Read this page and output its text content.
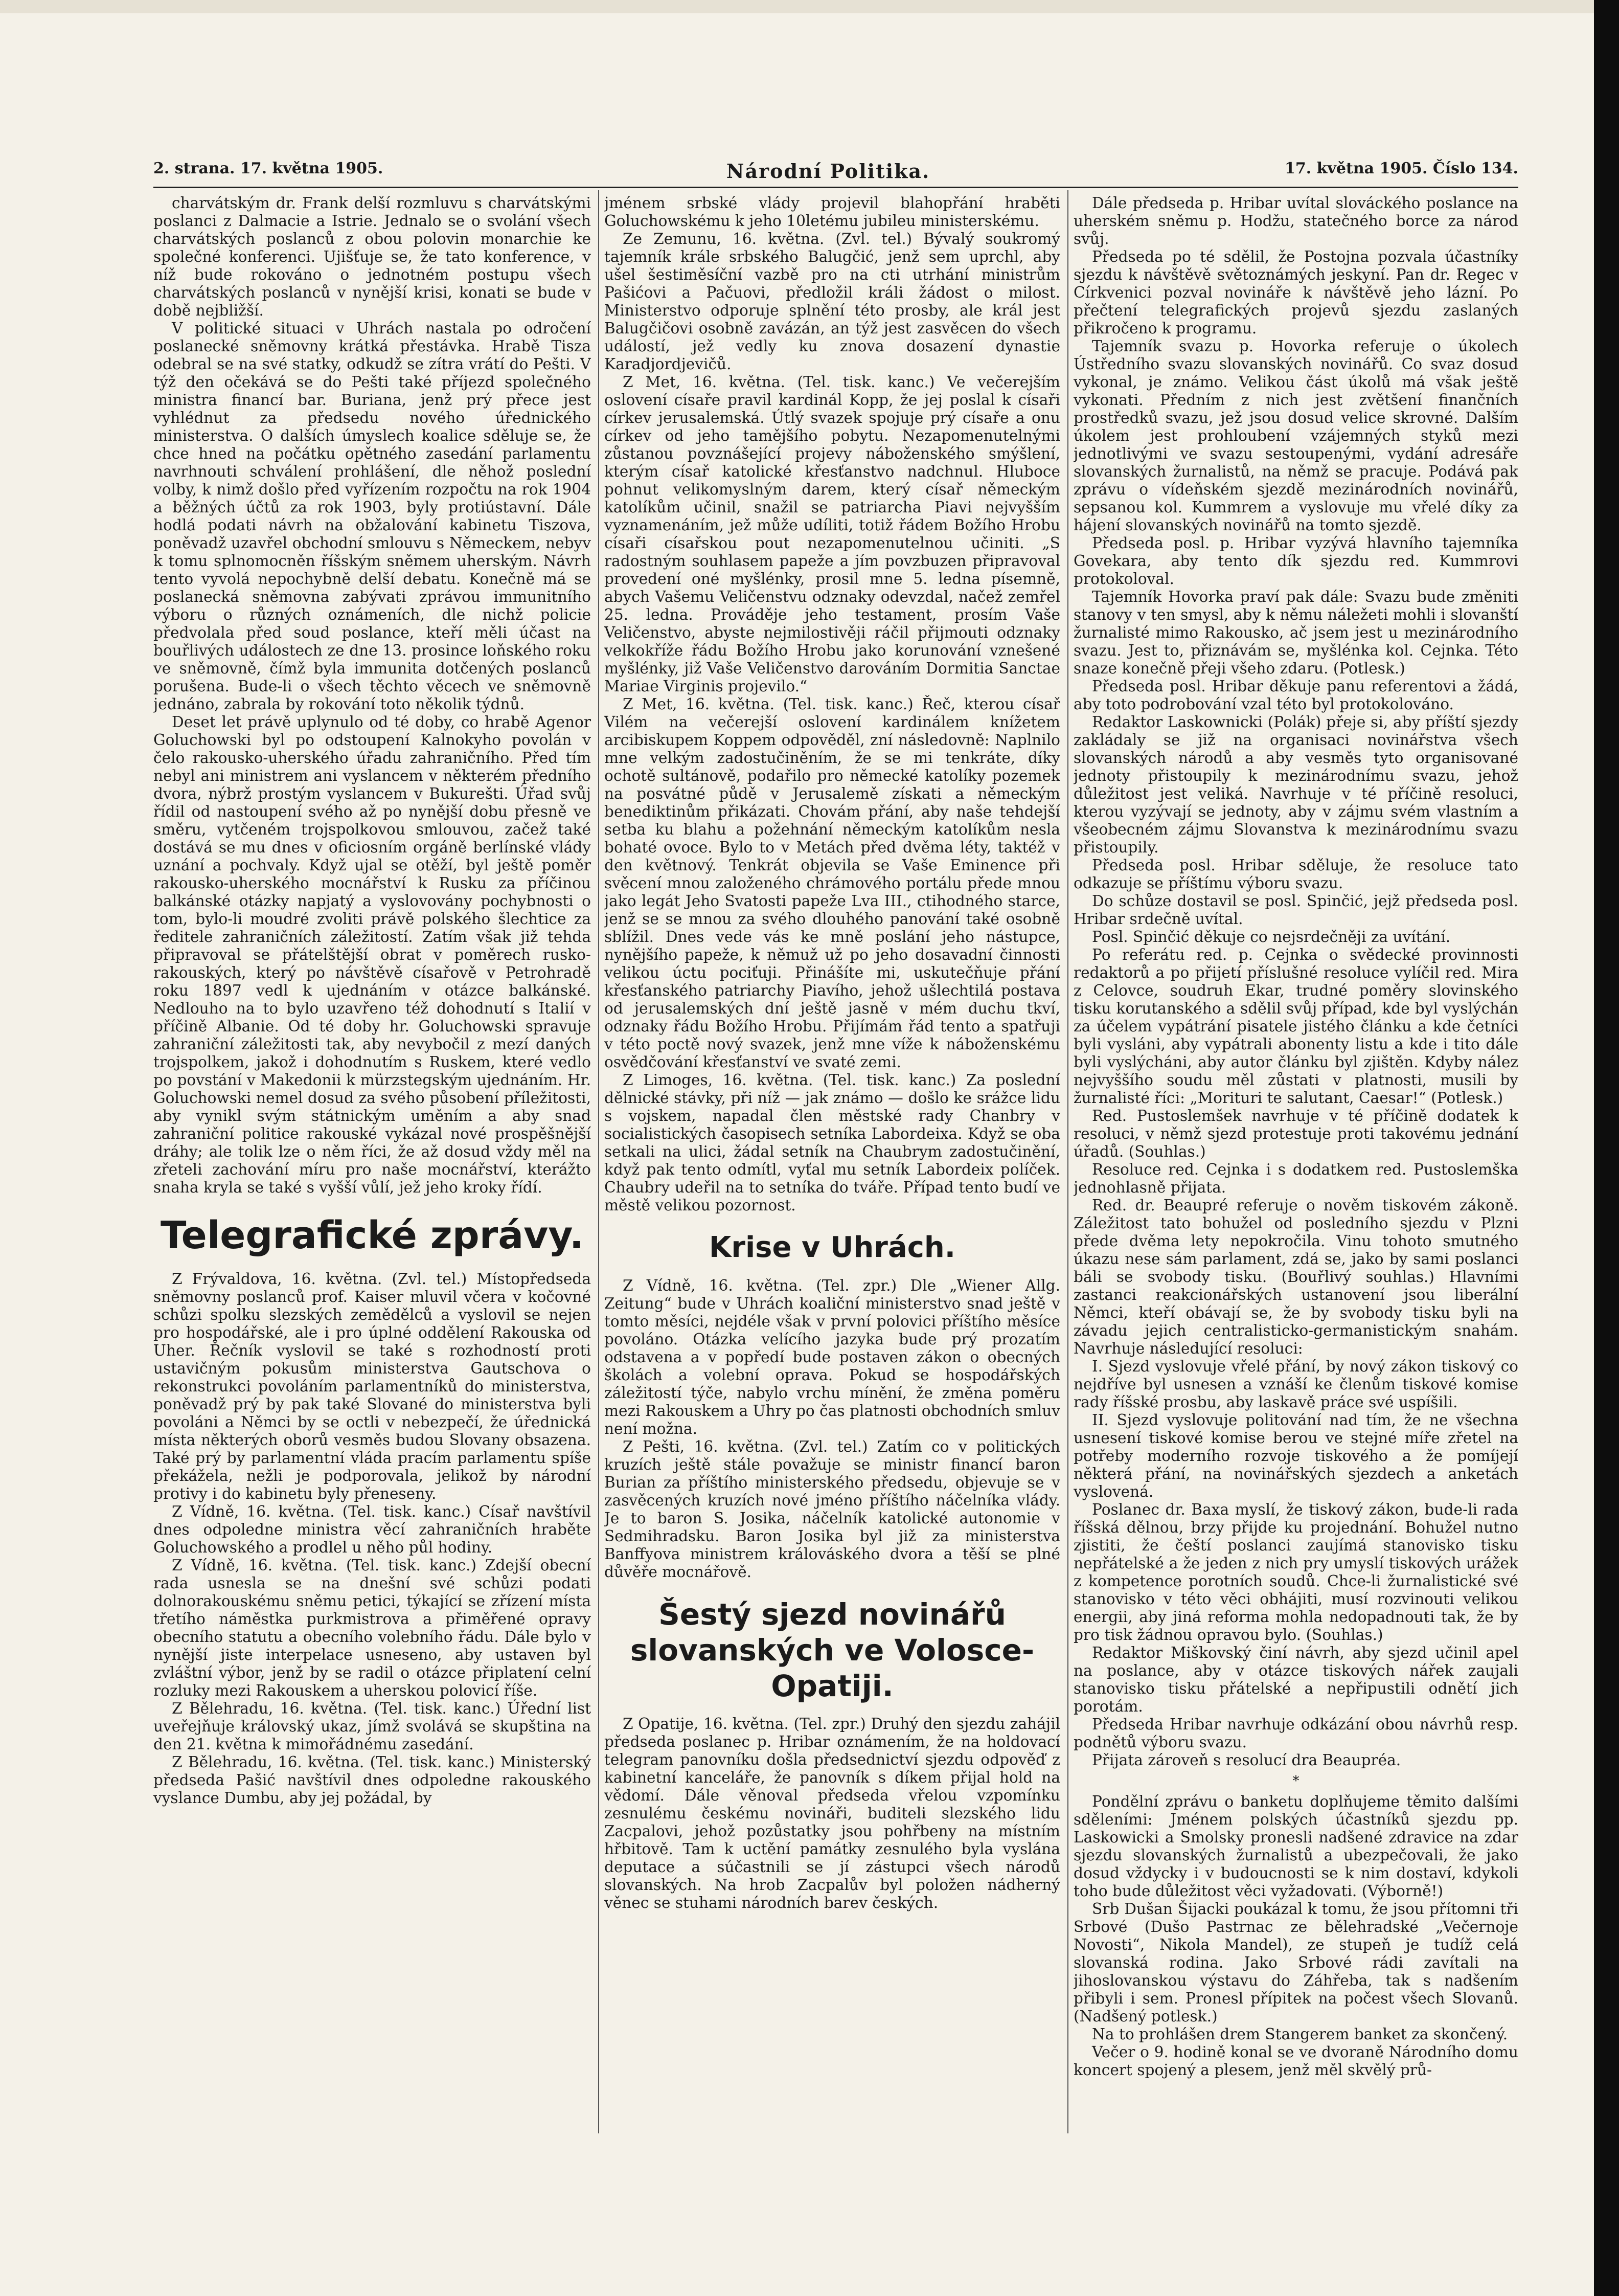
2. strana. 17. května 1905.	Národní Politika.	17. května 1905. Číslo 134.

charvátským dr. Frank delší rozmluvu s charvátskými poslanci z Dalmacie a Istrie. Jednalo se o svolání všech charvátských poslanců z obou polovin monarchie ke společné konferenci. Ujišťuje se, že tato konference, v níž bude rokováno o jednotném postupu všech charvátských poslanců v nynější krisi, konati se bude v době nejbližší.

V politické situaci v Uhrách nastala po odročení poslanecké sněmovny krátká přestávka. Hrabě Tisza odebral se na své statky, odkudž se zítra vrátí do Pešti. V týž den očekává se do Pešti také příjezd společného ministra financí bar. Buriana, jenž prý přece jest vyhlédnut za předsedu nového úřednického ministerstva. O dalších úmyslech koalice sděluje se, že chce hned na počátku opětného zasedání parlamentu navrhnouti schválení prohlášení, dle něhož poslední volby, k nimž došlo před vyřízením rozpočtu na rok 1904 a běžných účtů za rok 1903, byly protiústavní. Dále hodlá podati návrh na obžalování kabinetu Tiszova, poněvadž uzavřel obchodní smlouvu s Německem, nebyv k tomu splnomocněn říšským sněmem uherským. Návrh tento vyvolá nepochybně delší debatu. Konečně má se poslanecká sněmovna zabývati zprávou immunitního výboru o různých oznámeních, dle nichž policie předvolala před soud poslance, kteří měli účast na bouřlivých událostech ze dne 13. prosince loňského roku ve sněmovně, čímž byla immunita dotčených poslanců porušena. Bude-li o všech těchto věcech ve sněmovně jednáno, zabrala by rokování toto několik týdnů.

Deset let právě uplynulo od té doby, co hrabě Agenor Goluchowski byl po odstoupení Kalnokyho povolán v čelo rakousko-uherského úřadu zahraničního. Před tím nebyl ani ministrem ani vyslancem v některém předního dvora, nýbrž prostým vyslancem v Bukurešti. Úřad svůj řídil od nastoupení svého až po nynější dobu přesně ve směru, vytčeném trojspolkovou smlouvou, začež také dostává se mu dnes v oficiosním orgáně berlínské vlády uznání a pochvaly. Když ujal se otěží, byl ještě poměr rakousko-uherského mocnářství k Rusku za příčinou balkánské otázky napjatý a vyslovovány pochybnosti o tom, bylo-li moudré zvoliti právě polského šlechtice za ředitele zahraničních záležitostí. Zatím však již tehda připravoval se přátelštější obrat v poměrech rusko-rakouských, který po návštěvě císařově v Petrohradě roku 1897 vedl k ujednáním v otázce balkánské. Nedlouho na to bylo uzavřeno též dohodnutí s Italií v příčině Albanie. Od té doby hr. Goluchowski spravuje zahraniční záležitosti tak, aby nevybočil z mezí daných trojspolkem, jakož i dohodnutím s Ruskem, které vedlo po povstání v Makedonii k mürzstegským ujednáním. Hr. Goluchowski nemel dosud za svého působení příležitosti, aby vynikl svým státnickým uměním a aby snad zahraniční politice rakouské vykázal nové prospěšnější dráhy; ale tolik lze o něm říci, že až dosud vždy měl na zřeteli zachování míru pro naše mocnářství, kterážto snaha kryla se také s vyšší vůlí, jež jeho kroky řídí.

Telegrafické zprávy.

Z Frývaldova, 16. května. (Zvl. tel.) Místopředseda sněmovny poslanců prof. Kaiser mluvil včera v kočovné schůzi spolku slezských zemědělců a vyslovil se nejen pro hospodářské, ale i pro úplné oddělení Rakouska od Uher. Řečník vyslovil se také s rozhodností proti ustavičným pokusům ministerstva Gautschova o rekonstrukci povoláním parlamentníků do ministerstva, poněvadž prý by pak také Slované do ministerstva byli povoláni a Němci by se octli v nebezpečí, že úřednická místa některých oborů vesměs budou Slovany obsazena. Také prý by parlamentní vláda pracím parlamentu spíše překážela, nežli je podporovala, jelikož by národní protivy i do kabinetu byly přeneseny.

Z Vídně, 16. května. (Tel. tisk. kanc.) Císař navštívil dnes odpoledne ministra věcí zahraničních hraběte Goluchowského a prodlel u něho půl hodiny.

Z Vídně, 16. května. (Tel. tisk. kanc.) Zdejší obecní rada usnesla se na dnešní své schůzi podati dolnorakouskému sněmu petici, týkající se zřízení místa třetího náměstka purkmistrova a přiměřené opravy obecního statutu a obecního volebního řádu. Dále bylo v nynější jiste interpelace usneseno, aby ustaven byl zvláštní výbor, jenž by se radil o otázce připlatení celní rozluky mezi Rakouskem a uherskou polovicí říše.

Z Bělehradu, 16. května. (Tel. tisk. kanc.) Úřední list uveřejňuje královský ukaz, jímž svolává se skupština na den 21. května k mimořádnému zasedání.

Z Bělehradu, 16. května. (Tel. tisk. kanc.) Ministerský předseda Pašić navštívil dnes odpoledne rakouského vyslance Dumbu, aby jej požádal, by

jménem srbské vlády projevil blahopřání hraběti Goluchowskému k jeho 10letému jubileu ministerskému.

Ze Zemunu, 16. května. (Zvl. tel.) Bývalý soukromý tajemník krále srbského Balugčić, jenž sem uprchl, aby ušel šestiměsíční vazbě pro na cti utrhání ministrům Pašićovi a Pačuovi, předložil králi žádost o milost. Ministerstvo odporuje splnění této prosby, ale král jest Balugčičovi osobně zavázán, an týž jest zasvěcen do všech událostí, jež vedly ku znova dosazení dynastie Karadjordjevičů.

Z Met, 16. května. (Tel. tisk. kanc.) Ve večerejším oslovení císaře pravil kardinál Kopp, že jej poslal k císaři církev jerusalemská. Útlý svazek spojuje prý císaře a onu církev od jeho tamějšího pobytu. Nezapomenutelnými zůstanou povznášející projevy náboženského smýšlení, kterým císař katolické křesťanstvo nadchnul. Hluboce pohnut velikomyslným darem, který císař německým katolíkům učinil, snažil se patriarcha Piavi nejvyšším vyznamenáním, jež může udíliti, totiž řádem Božího Hrobu císaři císařskou pout nezapomenutelnou učiniti. „S radostným souhlasem papeže a jím povzbuzen připravoval provedení oné myšlénky, prosil mne 5. ledna písemně, abych Vašemu Veličenstvu odznaky odevzdal, načež zemřel 25. ledna. Prováděje jeho testament, prosím Vaše Veličenstvo, abyste nejmilostivěji ráčil přijmouti odznaky velkokříže řádu Božího Hrobu jako korunování vznešené myšlénky, již Vaše Veličenstvo darováním Dormitia Sanctae Mariae Virginis projevilo.“

Z Met, 16. května. (Tel. tisk. kanc.) Řeč, kterou císař Vilém na večerejší oslovení kardinálem knížetem arcibiskupem Koppem odpověděl, zní následovně: Naplnilo mne velkým zadostučiněním, že se mi tenkráte, díky ochotě sultánově, podařilo pro německé katolíky pozemek na posvátné půdě v Jerusalemě získati a německým benediktinům přikázati. Chovám přání, aby naše tehdejší setba ku blahu a požehnání německým katolíkům nesla bohaté ovoce. Bylo to v Metách před dvěma léty, taktéž v den květnový. Tenkrát objevila se Vaše Eminence při svěcení mnou založeného chrámového portálu přede mnou jako legát Jeho Svatosti papeže Lva III., ctihodného starce, jenž se se mnou za svého dlouhého panování také osobně sblížil. Dnes vede vás ke mně poslání jeho nástupce, nynějšího papeže, k němuž už po jeho dosavadní činnosti velikou úctu pociťuji. Přinášíte mi, uskutečňuje přání křesťanského patriarchy Piavího, jehož ušlechtilá postava od jerusalemských dní ještě jasně v mém duchu tkví, odznaky řádu Božího Hrobu. Přijímám řád tento a spatřuji v této poctě nový svazek, jenž mne víže k náboženskému osvědčování křesťanství ve svaté zemi.

Z Limoges, 16. května. (Tel. tisk. kanc.) Za poslední dělnické stávky, při níž — jak známo — došlo ke srážce lidu s vojskem, napadal člen městské rady Chanbry v socialistických časopisech setníka Labordeixa. Když se oba setkali na ulici, žádal setník na Chaubrym zadostučinění, když pak tento odmítl, vyťal mu setník Labordeix políček. Chaubry udeřil na to setníka do tváře. Případ tento budí ve městě velikou pozornost.

Krise v Uhrách.

Z Vídně, 16. května. (Tel. zpr.) Dle „Wiener Allg. Zeitung“ bude v Uhrách koaliční ministerstvo snad ještě v tomto měsíci, nejdéle však v první polovici příštího měsíce povoláno. Otázka velícího jazyka bude prý prozatím odstavena a v popředí bude postaven zákon o obecných školách a volební oprava. Pokud se hospodářských záležitostí týče, nabylo vrchu mínění, že změna poměru mezi Rakouskem a Uhry po čas platnosti obchodních smluv není možna.

Z Pešti, 16. května. (Zvl. tel.) Zatím co v politických kruzích ještě stále považuje se ministr financí baron Burian za příštího ministerského předsedu, objevuje se v zasvěcených kruzích nové jméno příštího náčelníka vlády. Je to baron S. Josika, náčelník katolické autonomie v Sedmihradsku. Baron Josika byl již za ministerstva Banffyova ministrem králováského dvora a těší se plné důvěře mocnářově.

Šestý sjezd novinářů slovanských ve Volosce-Opatiji.

Z Opatije, 16. května. (Tel. zpr.) Druhý den sjezdu zahájil předseda poslanec p. Hribar oznámením, že na holdovací telegram panovníku došla předsednictví sjezdu odpověď z kabinetní kanceláře, že panovník s díkem přijal hold na vědomí. Dále věnoval předseda vřelou vzpomínku zesnulému českému novináři, buditeli slezského lidu Zacpalovi, jehož pozůstatky jsou pohřbeny na místním hřbitově. Tam k uctění památky zesnulého byla vyslána deputace a súčastnili se jí zástupci všech národů slovanských. Na hrob Zacpalův byl položen nádherný věnec se stuhami národních barev českých.

Dále předseda p. Hribar uvítal slováckého poslance na uherském sněmu p. Hodžu, statečného borce za národ svůj.

Předseda po té sdělil, že Postojna pozvala účastníky sjezdu k návštěvě světoznámých jeskyní. Pan dr. Regec v Církvenici pozval novináře k návštěvě jeho lázní. Po přečtení telegrafických projevů sjezdu zaslaných přikročeno k programu.

Tajemník svazu p. Hovorka referuje o úkolech Ústředního svazu slovanských novinářů. Co svaz dosud vykonal, je známo. Velikou část úkolů má však ještě vykonati. Předním z nich jest zvětšení finančních prostředků svazu, jež jsou dosud velice skrovné. Dalším úkolem jest prohloubení vzájemných styků mezi jednotlivými ve svazu sestoupenými, vydání adresáře slovanských žurnalistů, na němž se pracuje. Podává pak zprávu o vídeňském sjezdě mezinárodních novinářů, sepsanou kol. Kummrem a vyslovuje mu vřelé díky za hájení slovanských novinářů na tomto sjezdě.

Předseda posl. p. Hribar vyzývá hlavního tajemníka Govekara, aby tento dík sjezdu red. Kummrovi protokoloval.

Tajemník Hovorka praví pak dále: Svazu bude změniti stanovy v ten smysl, aby k němu náležeti mohli i slovanští žurnalisté mimo Rakousko, ač jsem jest u mezinárodního svazu. Jest to, přiznávám se, myšlénka kol. Cejnka. Této snaze konečně přeji všeho zdaru. (Potlesk.)

Předseda posl. Hribar děkuje panu referentovi a žádá, aby toto podrobování vzal této byl protokolováno.

Redaktor Laskownicki (Polák) přeje si, aby příští sjezdy zakládaly se již na organisaci novinářstva všech slovanských národů a aby vesměs tyto organisované jednoty přistoupily k mezinárodnímu svazu, jehož důležitost jest veliká. Navrhuje v té příčině resoluci, kterou vyzývají se jednoty, aby v zájmu svém vlastním a všeobecném zájmu Slovanstva k mezinárodnímu svazu přistoupily.

Předseda posl. Hribar sděluje, že resoluce tato odkazuje se příštímu výboru svazu.

Do schůze dostavil se posl. Spinčić, jejž předseda posl. Hribar srdečně uvítal.

Posl. Spinčić děkuje co nejsrdečněji za uvítání.

Po referátu red. p. Cejnka o svědecké provinnosti redaktorů a po přijetí příslušné resoluce vylíčil red. Mira z Celovce, soudruh Ekar, trudné poměry slovinského tisku korutanského a sdělil svůj případ, kde byl vyslýchán za účelem vypátrání pisatele jistého článku a kde četníci byli vysláni, aby vypátrali abonenty listu a kde i tito dále byli vyslýcháni, aby autor článku byl zjištěn. Kdyby nález nejvyššího soudu měl zůstati v platnosti, musili by žurnalisté říci: „Morituri te salutant, Caesar!“ (Potlesk.)

Red. Pustoslemšek navrhuje v té příčině dodatek k resoluci, v němž sjezd protestuje proti takovému jednání úřadů. (Souhlas.)

Resoluce red. Cejnka i s dodatkem red. Pustoslemška jednohlasně přijata.

Red. dr. Beaupré referuje o nověm tiskovém zákoně. Záležitost tato bohužel od posledního sjezdu v Plzni přede dvěma lety nepokročila. Vinu tohoto smutného úkazu nese sám parlament, zdá se, jako by sami poslanci báli se svobody tisku. (Bouřlivý souhlas.) Hlavními zastanci reakcionářských ustanovení jsou liberální Němci, kteří obávají se, že by svobody tisku byli na závadu jejich centralisticko-germanistickým snahám. Navrhuje následující resoluci:

I. Sjezd vyslovuje vřelé přání, by nový zákon tiskový co nejdříve byl usnesen a vznáší ke členům tiskové komise rady říšské prosbu, aby laskavě práce své uspíšili.

II. Sjezd vyslovuje politování nad tím, že ne všechna usnesení tiskové komise berou ve stejné míře zřetel na potřeby moderního rozvoje tiskového a že pomíjejí některá přání, na novinářských sjezdech a anketách vyslovená.

Poslanec dr. Baxa myslí, že tiskový zákon, bude-li rada říšská dělnou, brzy přijde ku projednání. Bohužel nutno zjistiti, že čeští poslanci zaujímá stanovisko tisku nepřátelské a že jeden z nich pry umyslí tiskových urážek z kompetence porotních soudů. Chce-li žurnalistické své stanovisko v této věci obhájiti, musí rozvinouti velikou energii, aby jiná reforma mohla nedopadnouti tak, že by pro tisk žádnou opravou bylo. (Souhlas.)

Redaktor Miškovský činí návrh, aby sjezd učinil apel na poslance, aby v otázce tiskových nářek zaujali stanovisko tisku přátelské a nepřipustili odnětí jich porotám.

Předseda Hribar navrhuje odkázání obou návrhů resp. podnětů výboru svazu.

Přijata zároveň s resolucí dra Beaupréa.

*

Pondělní zprávu o banketu doplňujeme těmito dalšími sděleními: Jménem polských účastníků sjezdu pp. Laskowicki a Smolsky pronesli nadšené zdravice na zdar sjezdu slovanských žurnalistů a ubezpečovali, že jako dosud vždycky i v budoucnosti se k nim dostaví, kdykoli toho bude důležitost věci vyžadovati. (Výborně!)

Srb Dušan Šijacki poukázal k tomu, že jsou přítomni tři Srbové (Dušo Pastrnac ze bělehradské „Večernoje Novosti“, Nikola Mandel), ze stupeň je tudíž celá slovanská rodina. Jako Srbové rádi zavítali na jihoslovanskou výstavu do Záhřeba, tak s nadšením přibyli i sem. Pronesl přípitek na počest všech Slovanů. (Nadšený potlesk.)

Na to prohlášen drem Stangerem banket za skončený.

Večer o 9. hodině konal se ve dvoraně Národního domu koncert spojený a plesem, jenž měl skvělý prů-
